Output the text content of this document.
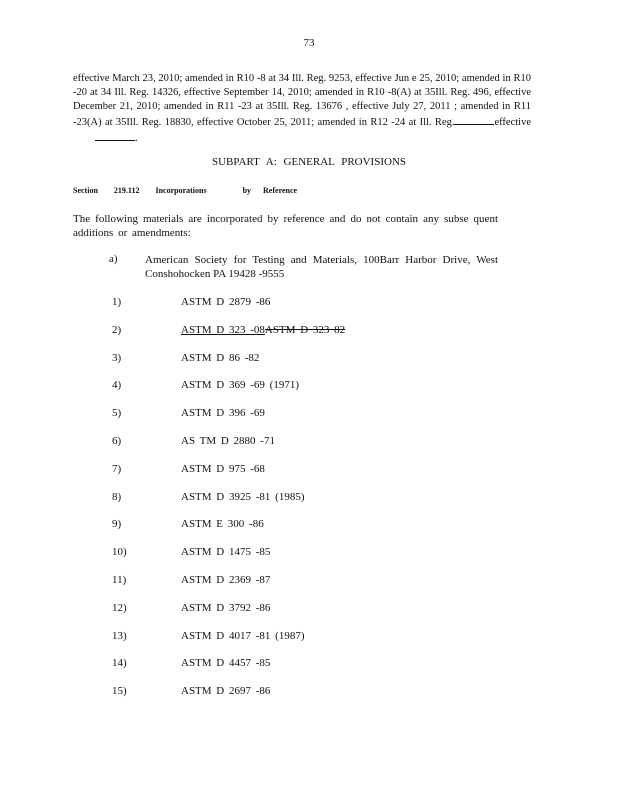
73
effective March 23, 2010; amended in R10 -8 at 34 Ill. Reg. 9253, effective Jun e 25, 2010; amended in R10 -20 at 34 Ill. Reg. 14326, effective September 14, 2010; amended in R10 -8(A) at 35Ill. Reg. 496, effective December 21, 2010; amended in R11 -23 at 35Ill. Reg. 13676 , effective July 27, 2011 ; amended in R11 -23(A) at 35Ill. Reg. 18830, effective October 25, 2011; amended in R12 -24 at Ill. Reg.	effective.
SUBPART A: GENERAL PROVISIONS
Section 219.112 Incorporations	by Reference
The following materials are incorporated by reference and do not contain any subse quent additions or amendments:
a) American Society for Testing and Materials, 100Barr Harbor Drive, West Conshohocken PA 19428 -9555
1)	ASTM D 2879 -86
2)	ASTM D 323 -08ASTM D 323 82
3)	ASTM D 86 -82
4)	ASTM D 369 -69 (1971)
5)	ASTM D 396 -69
6)	AS TM D 2880 -71
7)	ASTM D 975 -68
8)	ASTM D 3925 -81 (1985)
9)	ASTM E 300 -86
10)	ASTM D 1475 -85
11)	ASTM D 2369 -87
12)	ASTM D 3792 -86
13)	ASTM D 4017 -81 (1987)
14)	ASTM D 4457 -85
15)	ASTM D 2697 -86
